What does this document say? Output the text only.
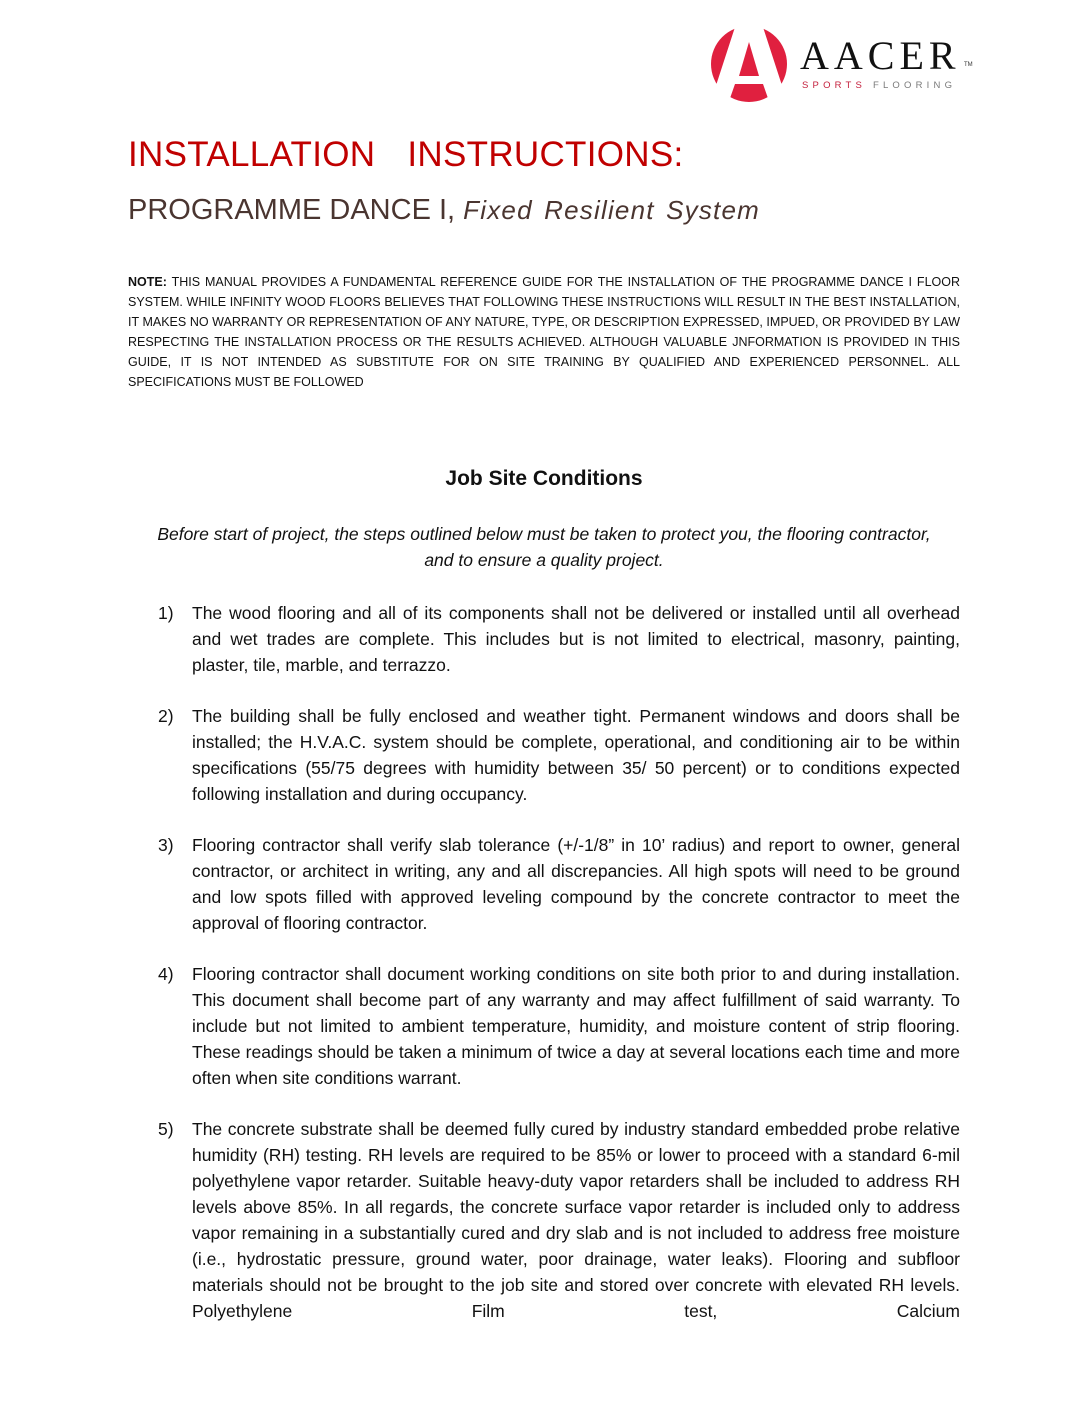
AACER TM
SPORTS FLOORING
INSTALLATION  INSTRUCTIONS:
PROGRAMME DANCE I, Fixed Resilient System
NOTE: THIS MANUAL PROVIDES A FUNDAMENTAL REFERENCE GUIDE FOR THE INSTALLATION OF THE PROGRAMME DANCE I FLOOR SYSTEM. WHILE INFINITY WOOD FLOORS BELIEVES THAT FOLLOWING THESE INSTRUCTIONS WILL RESULT IN THE BEST INSTALLATION, IT MAKES NO WARRANTY OR REPRESENTATION OF ANY NATURE, TYPE, OR DESCRIPTION EXPRESSED, IMPUED, OR PROVIDED BY LAW RESPECTING THE INSTALLATION PROCESS OR THE RESULTS ACHIEVED. ALTHOUGH VALUABLE JNFORMATION IS PROVIDED IN THIS GUIDE, IT IS NOT INTENDED AS SUBSTITUTE FOR ON SITE TRAINING BY QUALIFIED AND EXPERIENCED PERSONNEL. ALL SPECIFICATIONS MUST BE FOLLOWED
Job Site Conditions
Before start of project, the steps outlined below must be taken to protect you, the flooring contractor, and to ensure a quality project.
1) The wood flooring and all of its components shall not be delivered or installed until all overhead and wet trades are complete. This includes but is not limited to electrical, masonry, painting, plaster, tile, marble, and terrazzo.
2) The building shall be fully enclosed and weather tight. Permanent windows and doors shall be installed; the H.V.A.C. system should be complete, operational, and conditioning air to be within specifications (55/75 degrees with humidity between 35/ 50 percent) or to conditions expected following installation and during occupancy.
3) Flooring contractor shall verify slab tolerance (+/-1/8” in 10’ radius) and report to owner, general contractor, or architect in writing, any and all discrepancies. All high spots will need to be ground and low spots filled with approved leveling compound by the concrete contractor to meet the approval of flooring contractor.
4) Flooring contractor shall document working conditions on site both prior to and during installation. This document shall become part of any warranty and may affect fulfillment of said warranty. To include but not limited to ambient temperature, humidity, and moisture content of strip flooring. These readings should be taken a minimum of twice a day at several locations each time and more often when site conditions warrant.
5) The concrete substrate shall be deemed fully cured by industry standard embedded probe relative humidity (RH) testing. RH levels are required to be 85% or lower to proceed with a standard 6-mil polyethylene vapor retarder. Suitable heavy-duty vapor retarders shall be included to address RH levels above 85%. In all regards, the concrete surface vapor retarder is included only to address vapor remaining in a substantially cured and dry slab and is not included to address free moisture (i.e., hydrostatic pressure, ground water, poor drainage, water leaks). Flooring and subfloor materials should not be brought to the job site and stored over concrete with elevated RH levels. Polyethylene Film test, Calcium
